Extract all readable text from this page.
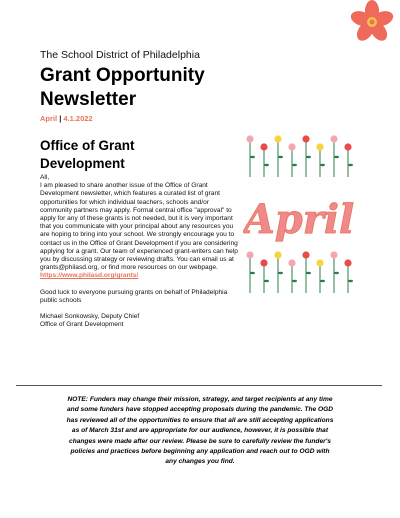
The School District of Philadelphia
Grant Opportunity
Newsletter
April | 4.1.2022
Office of Grant
Development

All,

I am pleased to share another issue of the Office of Grant Development newsletter, which features a curated list of grant opportunities for which individual teachers, schools and/or community partners may apply. Formal central office "approval" to apply for any of these grants is not needed, but it is very important that you communicate with your principal about any resources you are hoping to bring into your school. We strongly encourage you to contact us in the Office of Grant Development if you are considering applying for a grant. Our team of experienced grant-writers can help you by discussing strategy or reviewing drafts. You can email us at grants@philasd.org, or find more resources on our webpage.

https://www.philasd.org/grants/

Good luck to everyone pursuing grants on behalf of Philadelphia public schools

Michael Sonkowsky, Deputy Chief

Office of Grant Development

April
NOTE: Funders may change their mission, strategy, and target recipients at any time and some funders have stopped accepting proposals during the pandemic. The OGD has reviewed all of the opportunities to ensure that all are still accepting applications as of March 31st and are appropriate for our audience, however, it is possible that changes were made after our review. Please be sure to carefully review the funder's policies and practices before beginning any application and reach out to OGD with any changes you find.
